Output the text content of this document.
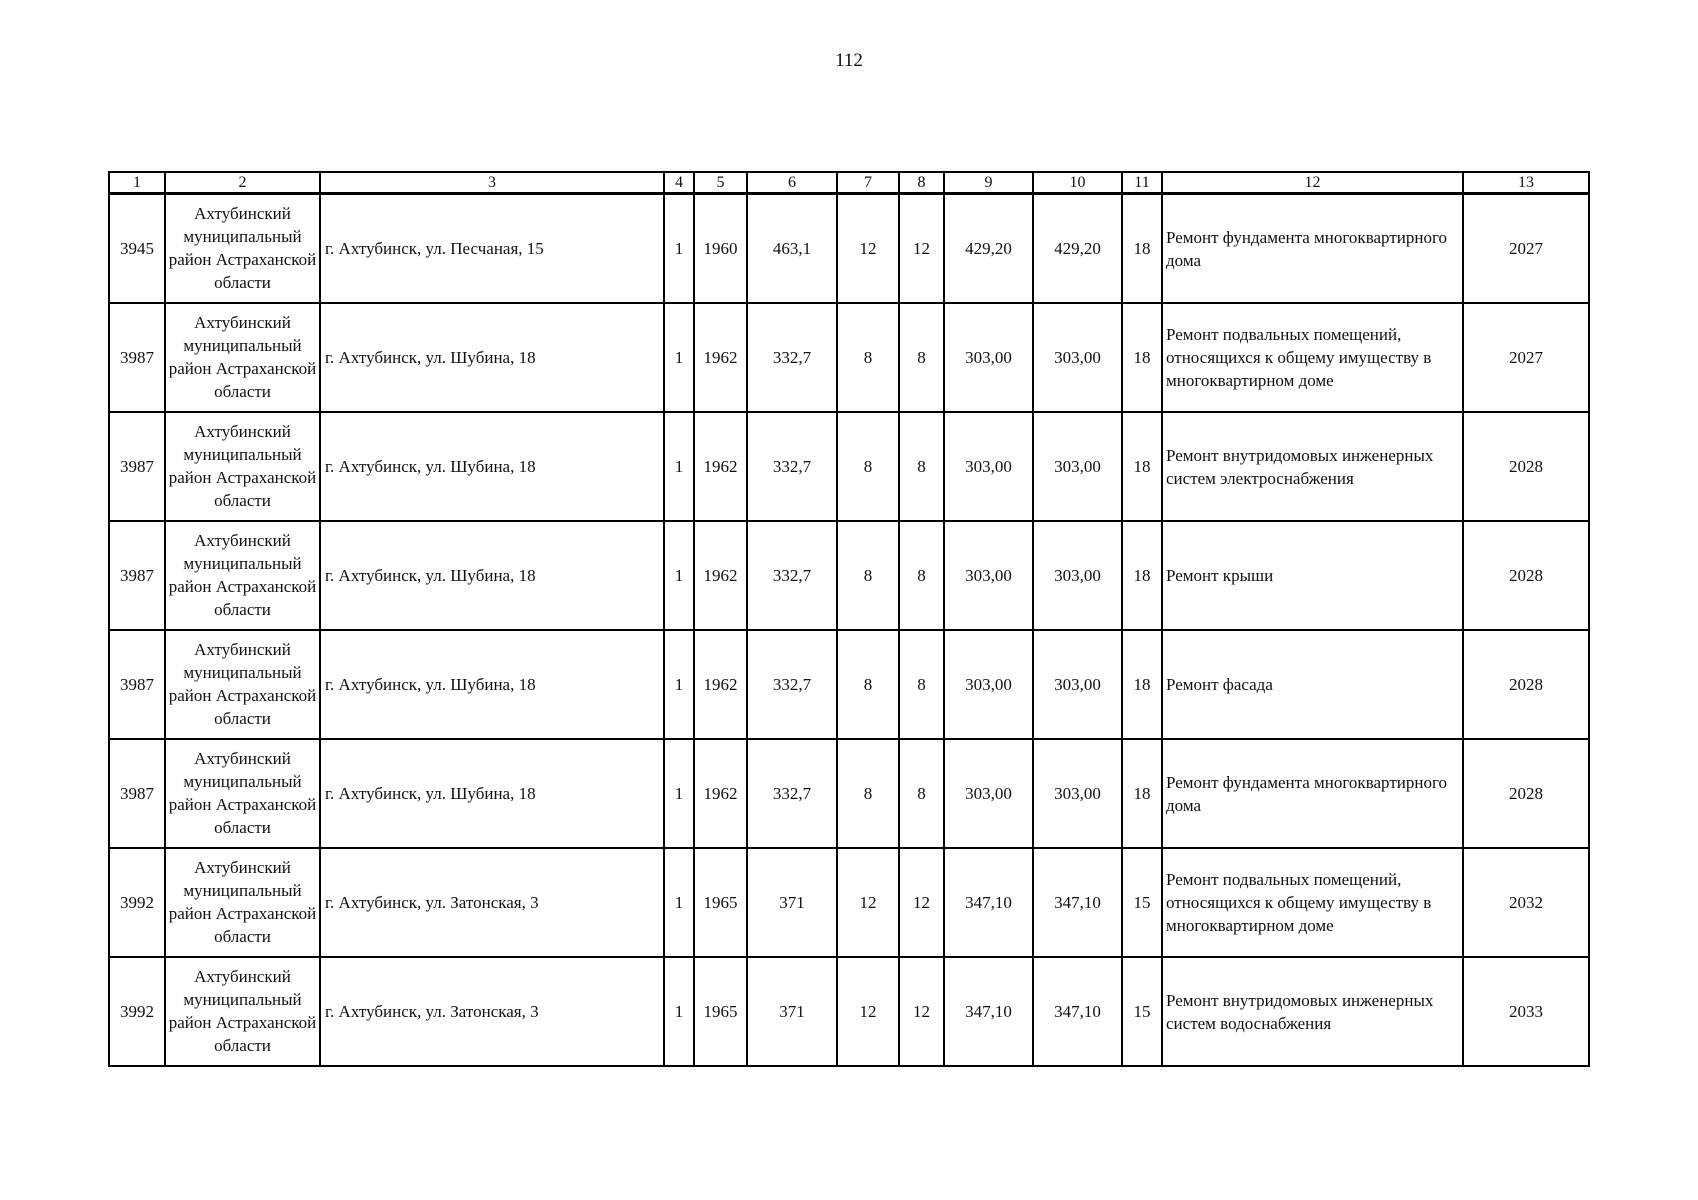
112
1	2	3	4	5	6	7	8	9	10	11	12	13
3945	Ахтубинский муниципальный район Астраханской области	г. Ахтубинск, ул. Песчаная, 15	1	1960	463,1	12	12	429,20	429,20	18	Ремонт фундамента многоквартирного дома	2027
3987	Ахтубинский муниципальный район Астраханской области	г. Ахтубинск, ул. Шубина, 18	1	1962	332,7	8	8	303,00	303,00	18	Ремонт подвальных помещений, относящихся к общему имуществу в многоквартирном доме	2027
3987	Ахтубинский муниципальный район Астраханской области	г. Ахтубинск, ул. Шубина, 18	1	1962	332,7	8	8	303,00	303,00	18	Ремонт внутридомовых инженерных систем электроснабжения	2028
3987	Ахтубинский муниципальный район Астраханской области	г. Ахтубинск, ул. Шубина, 18	1	1962	332,7	8	8	303,00	303,00	18	Ремонт крыши	2028
3987	Ахтубинский муниципальный район Астраханской области	г. Ахтубинск, ул. Шубина, 18	1	1962	332,7	8	8	303,00	303,00	18	Ремонт фасада	2028
3987	Ахтубинский муниципальный район Астраханской области	г. Ахтубинск, ул. Шубина, 18	1	1962	332,7	8	8	303,00	303,00	18	Ремонт фундамента многоквартирного дома	2028
3992	Ахтубинский муниципальный район Астраханской области	г. Ахтубинск, ул. Затонская, 3	1	1965	371	12	12	347,10	347,10	15	Ремонт подвальных помещений, относящихся к общему имуществу в многоквартирном доме	2032
3992	Ахтубинский муниципальный район Астраханской области	г. Ахтубинск, ул. Затонская, 3	1	1965	371	12	12	347,10	347,10	15	Ремонт внутридомовых инженерных систем водоснабжения	2033
